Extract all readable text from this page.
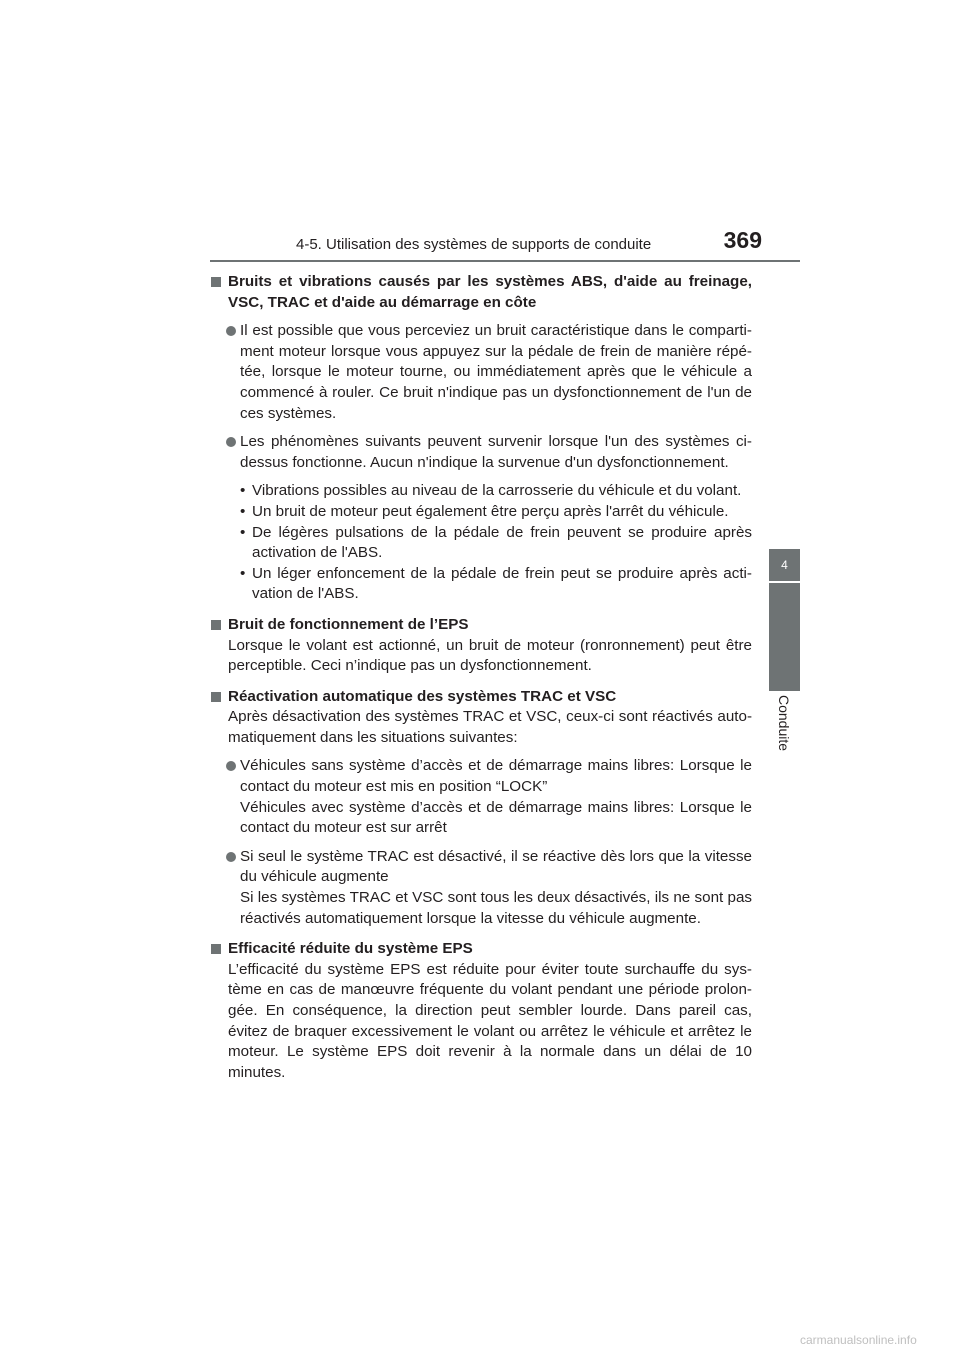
4-5. Utilisation des systèmes de supports de conduite	369
4
Conduite
Bruits et vibrations causés par les systèmes ABS, d'aide au freinage, VSC, TRAC et d'aide au démarrage en côte
Il est possible que vous perceviez un bruit caractéristique dans le comparti-ment moteur lorsque vous appuyez sur la pédale de frein de manière répé-tée, lorsque le moteur tourne, ou immédiatement après que le véhicule a commencé à rouler. Ce bruit n'indique pas un dysfonctionnement de l'un de ces systèmes.
Les phénomènes suivants peuvent survenir lorsque l'un des systèmes ci-dessus fonctionne. Aucun n'indique la survenue d'un dysfonctionnement.
• Vibrations possibles au niveau de la carrosserie du véhicule et du volant.
• Un bruit de moteur peut également être perçu après l'arrêt du véhicule.
• De légères pulsations de la pédale de frein peuvent se produire après activation de l'ABS.
• Un léger enfoncement de la pédale de frein peut se produire après acti-vation de l'ABS.
Bruit de fonctionnement de l’EPS
Lorsque le volant est actionné, un bruit de moteur (ronronnement) peut être perceptible. Ceci n’indique pas un dysfonctionnement.
Réactivation automatique des systèmes TRAC et VSC
Après désactivation des systèmes TRAC et VSC, ceux-ci sont réactivés auto-matiquement dans les situations suivantes:
Véhicules sans système d’accès et de démarrage mains libres: Lorsque le contact du moteur est mis en position “LOCK”
Véhicules avec système d’accès et de démarrage mains libres: Lorsque le contact du moteur est sur arrêt
Si seul le système TRAC est désactivé, il se réactive dès lors que la vitesse du véhicule augmente
Si les systèmes TRAC et VSC sont tous les deux désactivés, ils ne sont pas réactivés automatiquement lorsque la vitesse du véhicule augmente.
Efficacité réduite du système EPS
L’efficacité du système EPS est réduite pour éviter toute surchauffe du sys-tème en cas de manœuvre fréquente du volant pendant une période prolon-gée. En conséquence, la direction peut sembler lourde. Dans pareil cas, évitez de braquer excessivement le volant ou arrêtez le véhicule et arrêtez le moteur. Le système EPS doit revenir à la normale dans un délai de 10 minutes.
carmanualsonline.info
